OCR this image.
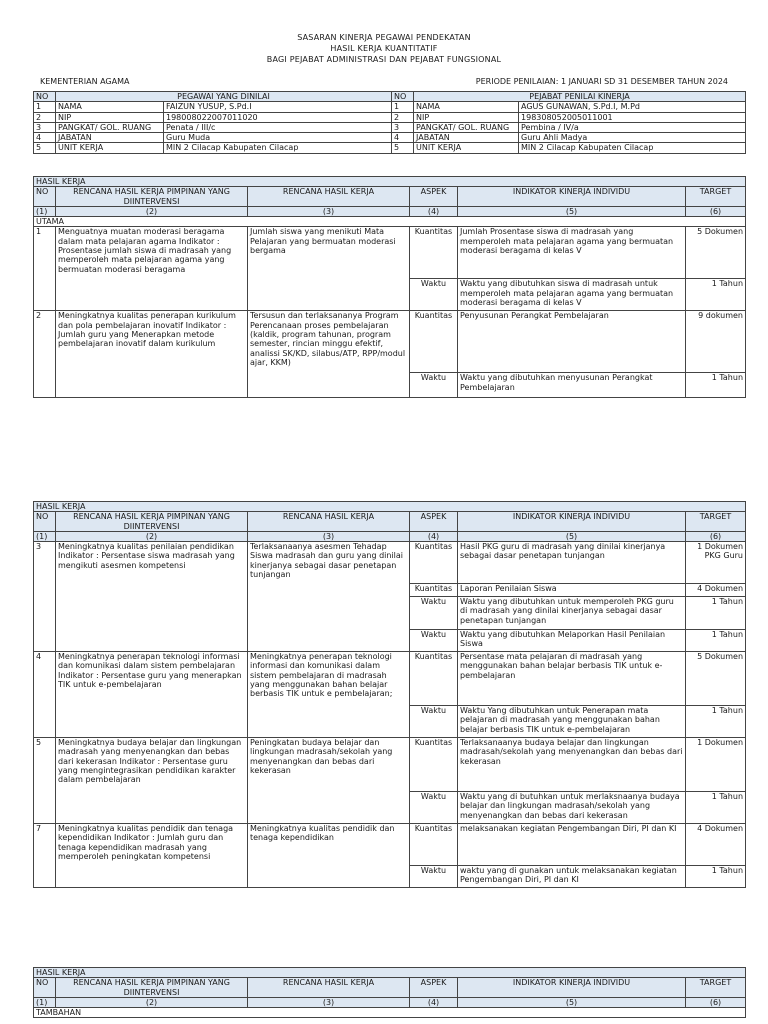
SASARAN KINERJA PEGAWAI PENDEKATAN
HASIL KERJA KUANTITATIF
BAGI PEJABAT ADMINISTRASI DAN PEJABAT FUNGSIONAL
KEMENTERIAN AGAMA	PERIODE PENILAIAN: 1 JANUARI SD 31 DESEMBER TAHUN 2024
NO	PEGAWAI YANG DINILAI		NO	PEJABAT PENILAI KINERJA	
1	NAMA	FAIZUN YUSUP, S.Pd.I	1	NAMA	AGUS GUNAWAN, S.Pd.I, M.Pd
2	NIP	198008022007011020	2	NIP	198308052005011001
3	PANGKAT/ GOL. RUANG	Penata / III/c	3	PANGKAT/ GOL. RUANG	Pembina / IV/a
4	JABATAN	Guru Muda	4	JABATAN	Guru Ahli Madya
5	UNIT KERJA	MIN 2 Cilacap Kabupaten Cilacap	5	UNIT KERJA	MIN 2 Cilacap Kabupaten Cilacap
HASIL KERJA					
NO	RENCANA HASIL KERJA PIMPINAN YANG DIINTERVENSI	RENCANA HASIL KERJA	ASPEK	INDIKATOR KINERJA INDIVIDU	TARGET
(1)	(2)	(3)	(4)	(5)	(6)
UTAMA					
1	Menguatnya muatan moderasi beragama dalam mata pelajaran agama Indikator : Prosentase jumlah siswa di madrasah yang memperoleh mata pelajaran agama yang bermuatan moderasi beragama	Jumlah siswa yang menikuti Mata Pelajaran yang bermuatan moderasi bergama	Kuantitas	Jumlah Prosentase siswa di madrasah yang memperoleh mata pelajaran agama yang bermuatan moderasi beragama di kelas V	5 Dokumen
			Waktu	Waktu yang dibutuhkan siswa di madrasah untuk memperoleh mata pelajaran agama yang bermuatan moderasi beragama di kelas V	1 Tahun
2	Meningkatnya kualitas penerapan kurikulum dan pola pembelajaran inovatif Indikator : Jumlah guru yang Menerapkan metode pembelajaran inovatif dalam kurikulum	Tersusun dan terlaksananya Program Perencanaan proses pembelajaran (kaldik, program tahunan, program semester, rincian minggu efektif, analissi SK/KD, silabus/ATP, RPP/modul ajar, KKM)	Kuantitas	Penyusunan Perangkat Pembelajaran	9 dokumen
			Waktu	Waktu yang dibutuhkan menyusunan Perangkat Pembelajaran	1 Tahun
HASIL KERJA					
NO	RENCANA HASIL KERJA PIMPINAN YANG DIINTERVENSI	RENCANA HASIL KERJA	ASPEK	INDIKATOR KINERJA INDIVIDU	TARGET
(1)	(2)	(3)	(4)	(5)	(6)
3	Meningkatnya kualitas penilaian pendidikan Indikator : Persentase siswa madrasah yang mengikuti asesmen kompetensi	Terlaksanaanya asesmen Tehadap Siswa madrasah dan guru yang dinilai kinerjanya sebagai dasar penetapan tunjangan	Kuantitas	Hasil PKG guru di madrasah yang dinilai kinerjanya sebagai dasar penetapan tunjangan	1 Dokumen PKG Guru
			Kuantitas	Laporan Penilaian Siswa	4 Dokumen
			Waktu	Waktu yang dibutuhkan untuk memperoleh PKG guru di madrasah yang dinilai kinerjanya sebagai dasar penetapan tunjangan	1 Tahun
			Waktu	Waktu yang dibutuhkan Melaporkan Hasil Penilaian Siswa	1 Tahun
4	Meningkatnya penerapan teknologi informasi dan komunikasi dalam sistem pembelajaran Indikator : Persentase guru yang menerapkan TIK untuk e-pembelajaran	Meningkatnya penerapan teknologi informasi dan komunikasi dalam sistem pembelajaran di madrasah yang menggunakan bahan belajar berbasis TIK untuk e pembelajaran;	Kuantitas	Persentase mata pelajaran di madrasah yang menggunakan bahan belajar berbasis TIK untuk e-pembelajaran	5 Dokumen
			Waktu	Waktu Yang dibutuhkan untuk Penerapan mata pelajaran di madrasah yang menggunakan bahan belajar berbasis TIK untuk e-pembelajaran	1 Tahun
5	Meningkatnya budaya belajar dan lingkungan madrasah yang menyenangkan dan bebas dari kekerasan Indikator : Persentase guru yang mengintegrasikan pendidikan karakter dalam pembelajaran	Peningkatan budaya belajar dan lingkungan madrasah/sekolah yang menyenangkan dan bebas dari kekerasan	Kuantitas	Terlaksanaanya budaya belajar dan lingkungan madrasah/sekolah yang menyenangkan dan bebas dari kekerasan	1 Dokumen
			Waktu	Waktu yang di butuhkan untuk merlaksnaanya budaya belajar dan lingkungan madrasah/sekolah yang menyenangkan dan bebas dari kekerasan	1 Tahun
7	Meningkatnya kualitas pendidik dan tenaga kependidikan Indikator : Jumlah guru dan tenaga kependidikan madrasah yang memperoleh peningkatan kompetensi	Meningkatnya kualitas pendidik dan tenaga kependidikan	Kuantitas	melaksanakan kegiatan Pengembangan Diri, PI dan KI	4 Dokumen
			Waktu	waktu yang di gunakan untuk melaksanakan kegiatan Pengembangan Diri, PI dan KI	1 Tahun
HASIL KERJA					
NO	RENCANA HASIL KERJA PIMPINAN YANG DIINTERVENSI	RENCANA HASIL KERJA	ASPEK	INDIKATOR KINERJA INDIVIDU	TARGET
(1)	(2)	(3)	(4)	(5)	(6)
TAMBAHAN					
